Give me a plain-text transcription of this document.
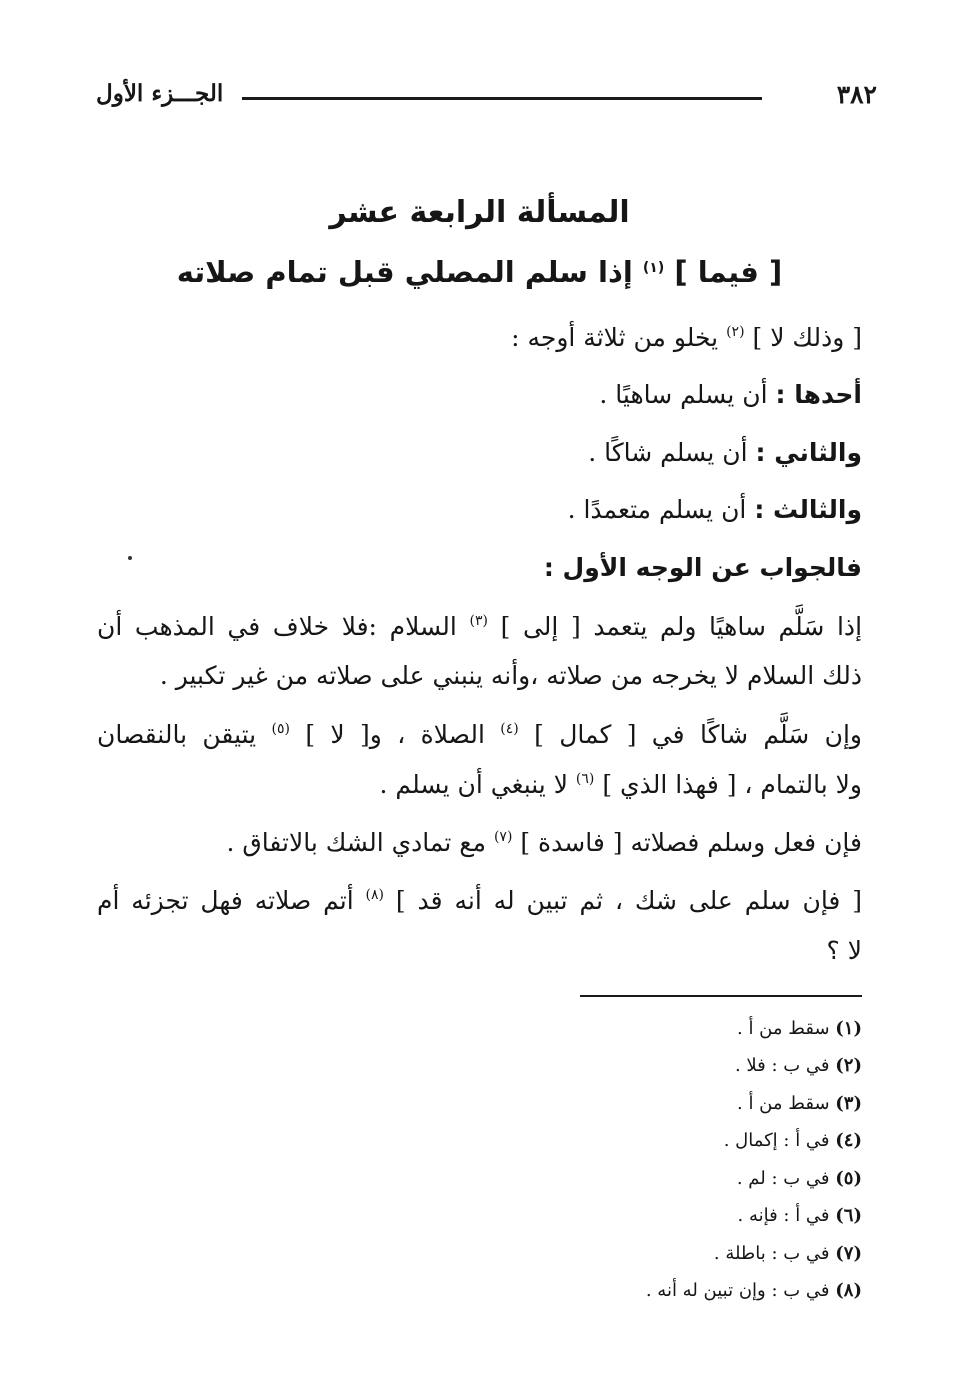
٣٨٢
الجـــزء الأول
المسألة الرابعة عشر
[ فيما ] $^{(١)}$ إذا سلم المصلي قبل تمام صلاته
[ وذلك لا ] $^{(٢)}$ يخلو من ثلاثة أوجه :
أحدها : أن يسلم ساهيًا .
والثاني : أن يسلم شاكًا .
والثالث : أن يسلم متعمدًا .
فالجواب عن الوجه الأول :
إذا سَلَّم ساهيًا ولم يتعمد [ إلى ] $^{(٣)}$ السلام :فلا خلاف في المذهب أن
ذلك السلام لا يخرجه من صلاته ،وأنه ينبني على صلاته من غير تكبير .
وإن سَلَّم شاكًا في [ كمال ] $^{(٤)}$ الصلاة ، و[ لا ] $^{(٥)}$ يتيقن بالنقصان
ولا بالتمام ، [ فهذا الذي ] $^{(٦)}$ لا ينبغي أن يسلم .
فإن فعل وسلم فصلاته [ فاسدة ] $^{(٧)}$ مع تمادي الشك بالاتفاق .
[ فإن سلم على شك ، ثم تبين له أنه قد ] $^{(٨)}$ أتم صلاته فهل تجزئه أم
لا ؟
(١) سقط من أ .
(٢) في ب : فلا .
(٣) سقط من أ .
(٤) في أ : إكمال .
(٥) في ب : لم .
(٦) في أ : فإنه .
(٧) في ب : باطلة .
(٨) في ب : وإن تبين له أنه .
